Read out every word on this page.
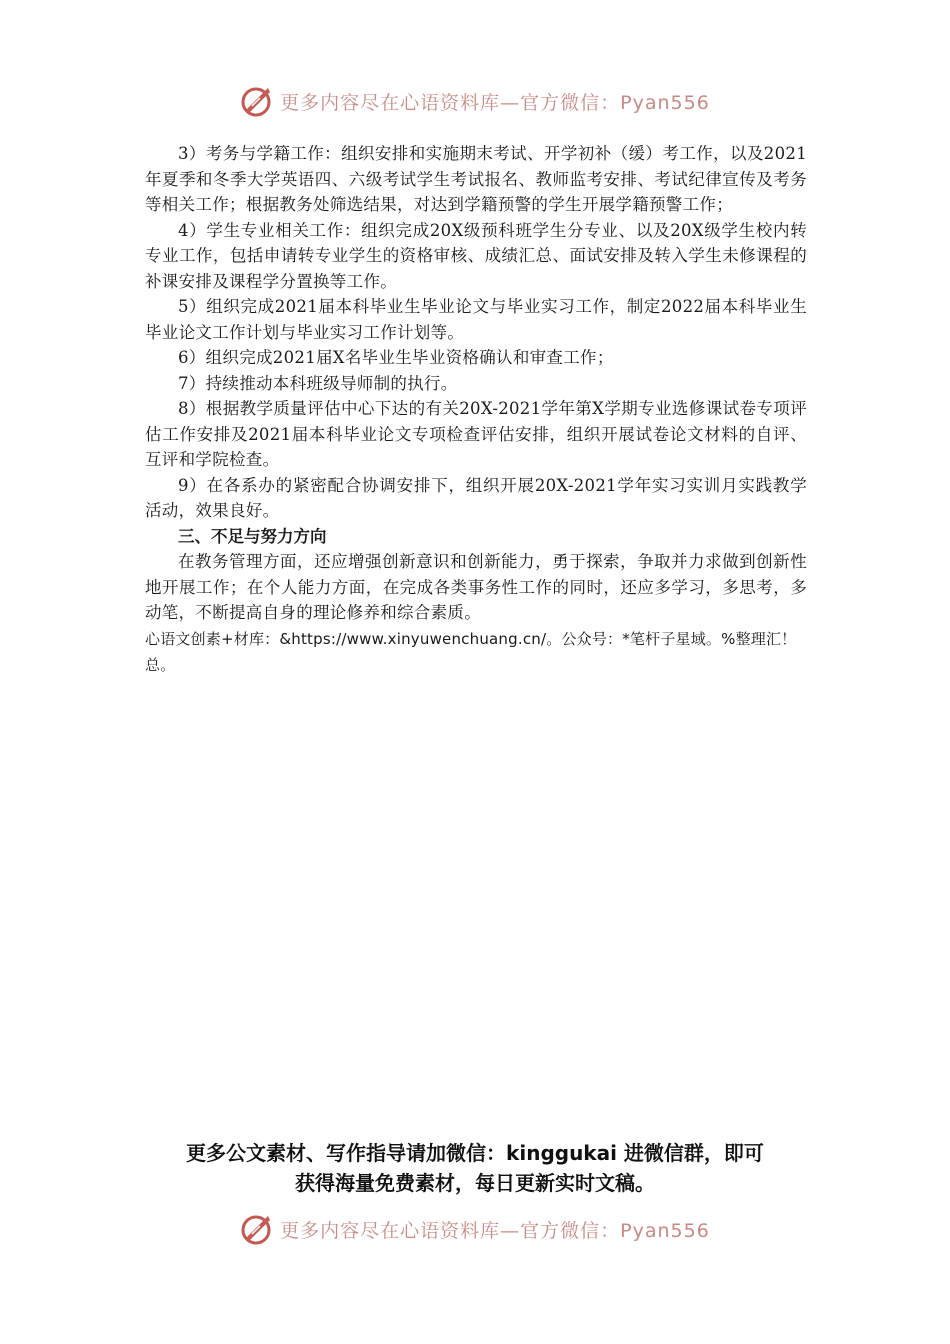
更多内容尽在心语资料库—官方微信：Pyan556

3）考务与学籍工作：组织安排和实施期末考试、开学初补（缓）考工作，以及2021年夏季和冬季大学英语四、六级考试学生考试报名、教师监考安排、考试纪律宣传及考务等相关工作；根据教务处筛选结果，对达到学籍预警的学生开展学籍预警工作；

4）学生专业相关工作：组织完成20X级预科班学生分专业、以及20X级学生校内转专业工作，包括申请转专业学生的资格审核、成绩汇总、面试安排及转入学生未修课程的补课安排及课程学分置换等工作。

5）组织完成2021届本科毕业生毕业论文与毕业实习工作，制定2022届本科毕业生毕业论文工作计划与毕业实习工作计划等。

6）组织完成2021届X名毕业生毕业资格确认和审查工作；

7）持续推动本科班级导师制的执行。

8）根据教学质量评估中心下达的有关20X-2021学年第X学期专业选修课试卷专项评估工作安排及2021届本科毕业论文专项检查评估安排，组织开展试卷论文材料的自评、互评和学院检查。

9）在各系办的紧密配合协调安排下，组织开展20X-2021学年实习实训月实践教学活动，效果良好。

三、不足与努力方向

在教务管理方面，还应增强创新意识和创新能力，勇于探索，争取并力求做到创新性地开展工作；在个人能力方面，在完成各类事务性工作的同时，还应多学习，多思考，多动笔，不断提高自身的理论修养和综合素质。

心语文创素+材库：&https://www.xinyuwenchuang.cn/。公众号：*笔杆子星域。%整理汇！总。

更多公文素材、写作指导请加微信：kinggukai 进微信群，即可
获得海量免费素材，每日更新实时文稿。
更多内容尽在心语资料库—官方微信：Pyan556
